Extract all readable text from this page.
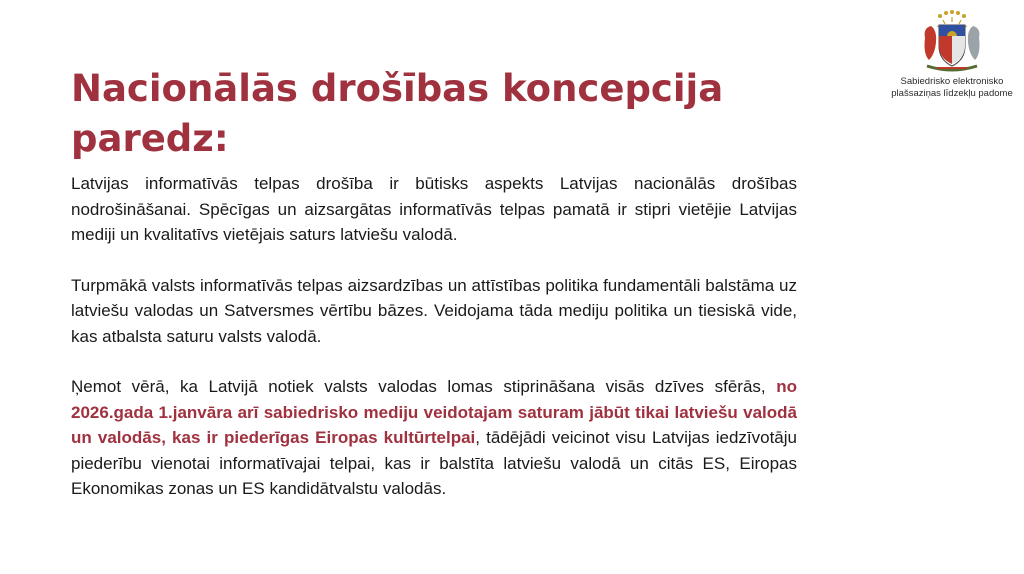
Sabiedrisko elektronisko plašsaziņas līdzekļu padome
Nacionālās drošības koncepcija paredz:

Latvijas informatīvās telpas drošība ir būtisks aspekts Latvijas nacionālās drošības nodrošināšanai. Spēcīgas un aizsargātas informatīvās telpas pamatā ir stipri vietējie Latvijas mediji un kvalitatīvs vietējais saturs latviešu valodā.

Turpmākā valsts informatīvās telpas aizsardzības un attīstības politika fundamentāli balstāma uz latviešu valodas un Satversmes vērtību bāzes. Veidojama tāda mediju politika un tiesiskā vide, kas atbalsta saturu valsts valodā.

Ņemot vērā, ka Latvijā notiek valsts valodas lomas stiprināšana visās dzīves sfērās, no 2026.gada 1.janvāra arī sabiedrisko mediju veidotajam saturam jābūt tikai latviešu valodā un valodās, kas ir piederīgas Eiropas kultūrtelpai, tādējādi veicinot visu Latvijas iedzīvotāju piederību vienotai informatīvajai telpai, kas ir balstīta latviešu valodā un citās ES, Eiropas Ekonomikas zonas un ES kandidātvalstu valodās.
